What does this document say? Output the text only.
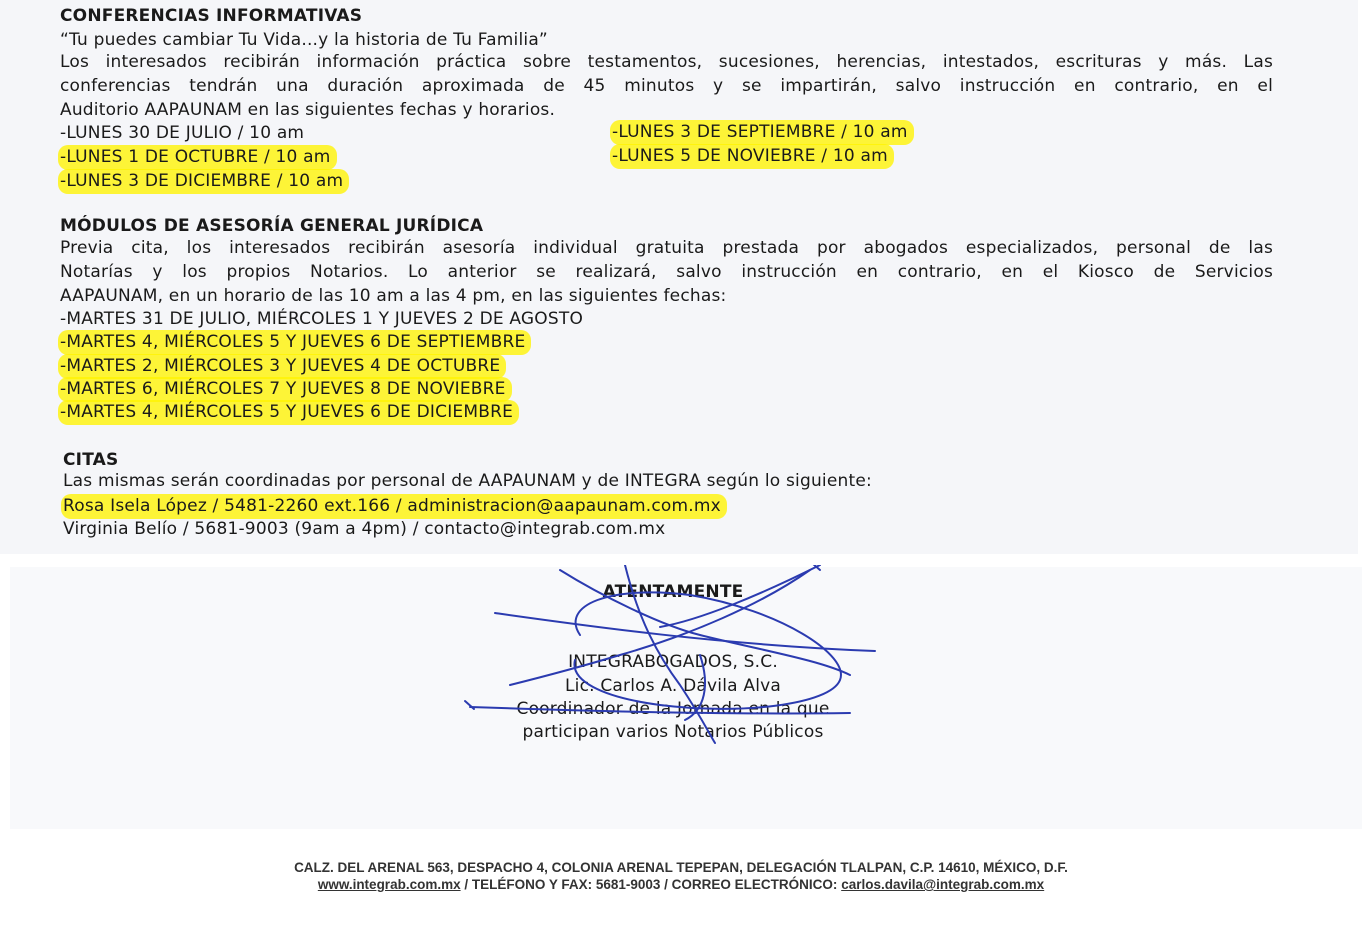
CONFERENCIAS INFORMATIVAS

“Tu puedes cambiar Tu Vida...y la historia de Tu Familia”

Los interesados recibirán información práctica sobre testamentos, sucesiones, herencias, intestados, escrituras y más. Las

conferencias tendrán una duración aproximada de 45 minutos y se impartirán, salvo instrucción en contrario, en el

Auditorio AAPAUNAM en las siguientes fechas y horarios.

-LUNES 30 DE JULIO / 10 am	-LUNES 3 DE SEPTIEMBRE / 10 am

-LUNES 1 DE OCTUBRE / 10 am	-LUNES 5 DE NOVIEBRE / 10 am

-LUNES 3 DE DICIEMBRE / 10 am

MÓDULOS DE ASESORÍA GENERAL JURÍDICA

Previa cita, los interesados recibirán asesoría individual gratuita prestada por abogados especializados, personal de las

Notarías y los propios Notarios. Lo anterior se realizará, salvo instrucción en contrario, en el Kiosco de Servicios

AAPAUNAM, en un horario de las 10 am a las 4 pm, en las siguientes fechas:

-MARTES 31 DE JULIO, MIÉRCOLES 1 Y JUEVES 2 DE AGOSTO

-MARTES 4, MIÉRCOLES 5 Y JUEVES 6 DE SEPTIEMBRE

-MARTES 2, MIÉRCOLES 3 Y JUEVES 4 DE OCTUBRE

-MARTES 6, MIÉRCOLES 7 Y JUEVES 8 DE NOVIEBRE

-MARTES 4, MIÉRCOLES 5 Y JUEVES 6 DE DICIEMBRE

CITAS

Las mismas serán coordinadas por personal de AAPAUNAM y de INTEGRA según lo siguiente:

Rosa Isela López / 5481-2260 ext.166 / administracion@aapaunam.com.mx

Virginia Belío / 5681-9003 (9am a 4pm) / contacto@integrab.com.mx

ATENTAMENTE

INTEGRABOGADOS, S.C.

Lic. Carlos A. Dávila Alva

Coordinador de la Jornada en la que

participan varios Notarios Públicos

CALZ. DEL ARENAL 563, DESPACHO 4, COLONIA ARENAL TEPEPAN, DELEGACIÓN TLALPAN, C.P. 14610, MÉXICO, D.F.

www.integrab.com.mx / TELÉFONO Y FAX: 5681-9003 / CORREO ELECTRÓNICO: carlos.davila@integrab.com.mx
